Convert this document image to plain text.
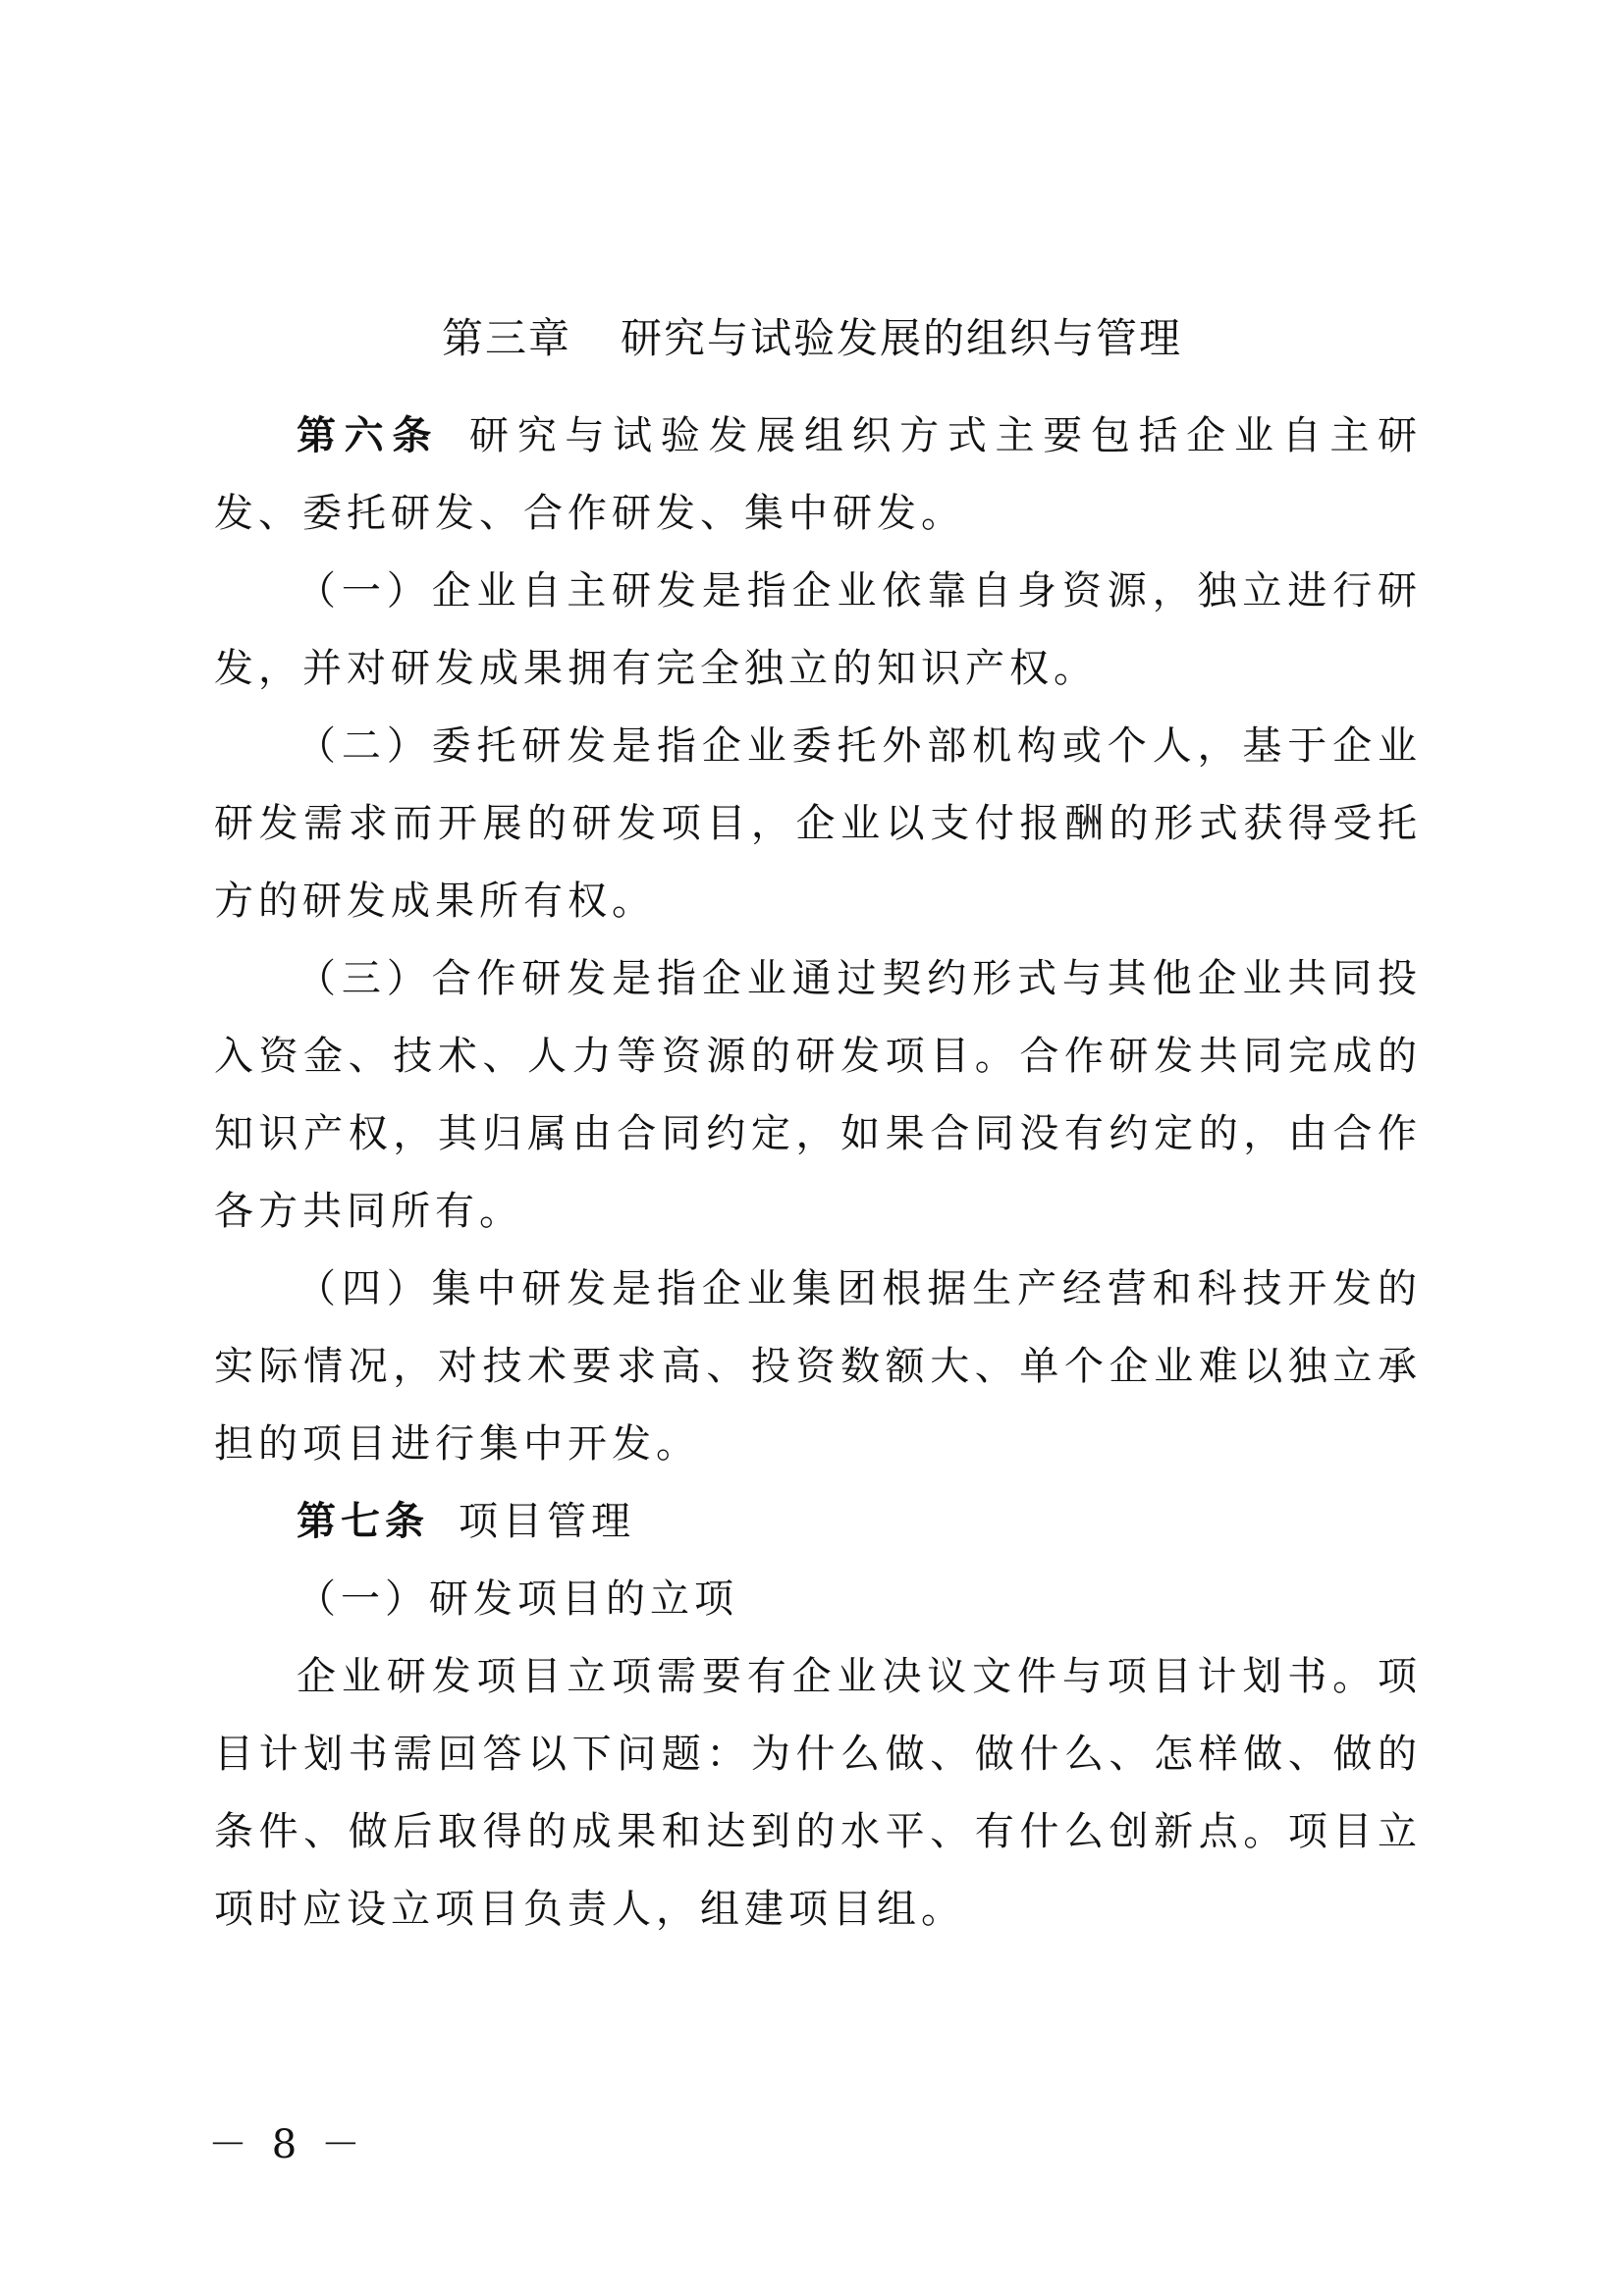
第三章 研究与试验发展的组织与管理

第六条 研究与试验发展组织方式主要包括企业自主研发、委托研发、合作研发、集中研发。

（一）企业自主研发是指企业依靠自身资源，独立进行研发，并对研发成果拥有完全独立的知识产权。

（二）委托研发是指企业委托外部机构或个人，基于企业研发需求而开展的研发项目，企业以支付报酬的形式获得受托方的研发成果所有权。

（三）合作研发是指企业通过契约形式与其他企业共同投入资金、技术、人力等资源的研发项目。合作研发共同完成的知识产权，其归属由合同约定，如果合同没有约定的，由合作各方共同所有。

（四）集中研发是指企业集团根据生产经营和科技开发的实际情况，对技术要求高、投资数额大、单个企业难以独立承担的项目进行集中开发。

第七条 项目管理

（一）研发项目的立项

企业研发项目立项需要有企业决议文件与项目计划书。项目计划书需回答以下问题：为什么做、做什么、怎样做、做的条件、做后取得的成果和达到的水平、有什么创新点。项目立项时应设立项目负责人，组建项目组。

－ 8 －
